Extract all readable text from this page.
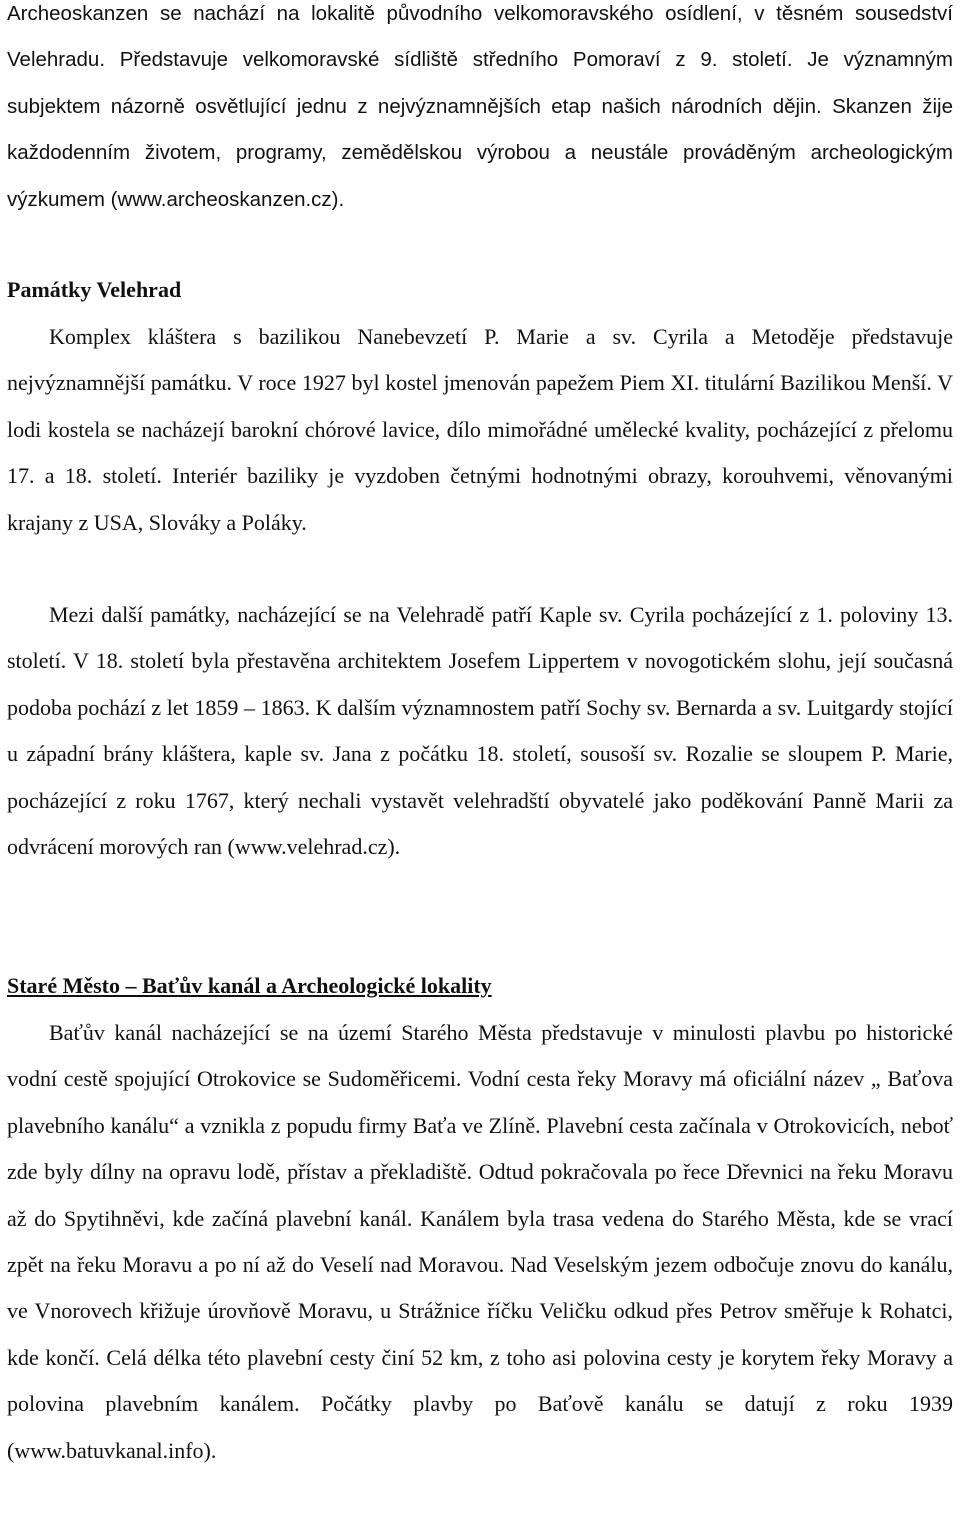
Archeoskanzen se nachází na lokalitě původního velkomoravského osídlení, v těsném sousedství Velehradu. Představuje velkomoravské sídliště středního Pomoraví z 9. století. Je významným subjektem názorně osvětlující jednu z nejvýznamnějších etap našich národních dějin. Skanzen žije každodenním životem, programy, zemědělskou výrobou a neustále prováděným archeologickým výzkumem (www.archeoskanzen.cz).

Památky Velehrad

Komplex kláštera s bazilikou Nanebevzetí P. Marie a sv. Cyrila a Metoděje představuje nejvýznamnější památku. V roce 1927 byl kostel jmenován papežem Piem XI. titulární Bazilikou Menší. V lodi kostela se nacházejí barokní chórové lavice, dílo mimořádné umělecké kvality, pocházející z přelomu 17. a 18. století. Interiér baziliky je vyzdoben četnými hodnotnými obrazy, korouhvemi, věnovanými krajany z USA, Slováky a Poláky.

Mezi další památky, nacházející se na Velehradě patří Kaple sv. Cyrila pocházející z 1. poloviny 13. století. V 18. století byla přestavěna architektem Josefem Lippertem v novogotickém slohu, její současná podoba pochází z let 1859 – 1863. K dalším významnostem patří Sochy sv. Bernarda a sv. Luitgardy stojící u západní brány kláštera, kaple sv. Jana z počátku 18. století, sousoší sv. Rozalie se sloupem P. Marie, pocházející z roku 1767, který nechali vystavět velehradští obyvatelé jako poděkování Panně Marii za odvrácení morových ran (www.velehrad.cz).

Staré Město – Baťův kanál a Archeologické lokality

Baťův kanál nacházející se na území Starého Města představuje v minulosti plavbu po historické vodní cestě spojující Otrokovice se Sudoměřicemi. Vodní cesta řeky Moravy má oficiální název „ Baťova plavebního kanálu“ a vznikla z popudu firmy Baťa ve Zlíně. Plavební cesta začínala v Otrokovicích, neboť zde byly dílny na opravu lodě, přístav a překladiště. Odtud pokračovala po řece Dřevnici na řeku Moravu až do Spytihněvi, kde začíná plavební kanál. Kanálem byla trasa vedena do Starého Města, kde se vrací zpět na řeku Moravu a po ní až do Veselí nad Moravou. Nad Veselským jezem odbočuje znovu do kanálu, ve Vnorovech křižuje úrovňově Moravu, u Strážnice říčku Veličku odkud přes Petrov směřuje k Rohatci, kde končí. Celá délka této plavební cesty činí 52 km, z toho asi polovina cesty je korytem řeky Moravy a polovina plavebním kanálem. Počátky plavby po Baťově kanálu se datují z roku 1939 (www.batuvkanal.info).
